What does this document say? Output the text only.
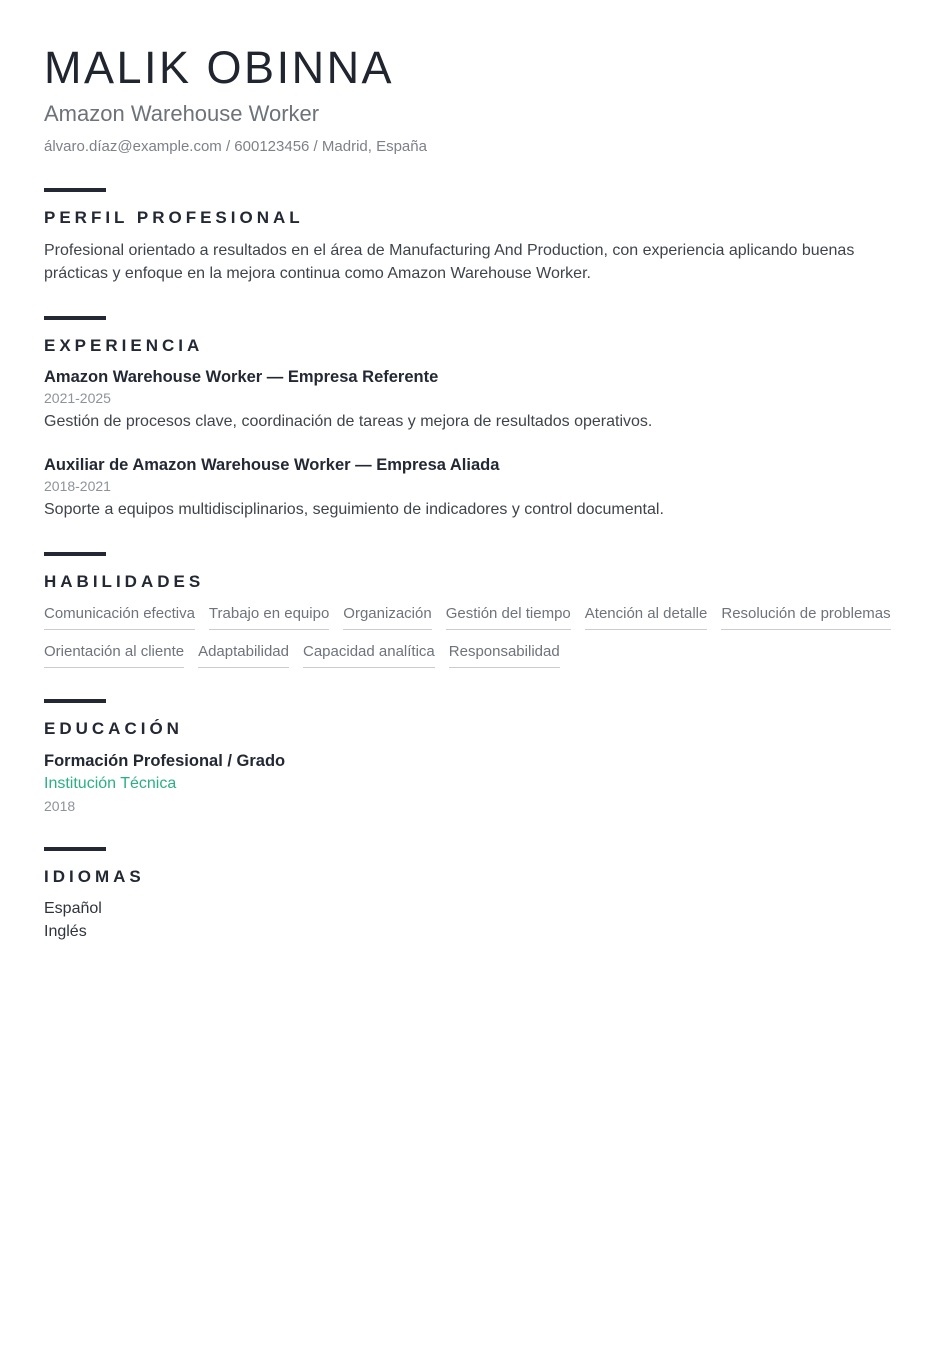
MALIK OBINNA
Amazon Warehouse Worker
álvaro.díaz@example.com / 600123456 / Madrid, España
PERFIL PROFESIONAL

Profesional orientado a resultados en el área de Manufacturing And Production, con experiencia aplicando buenas prácticas y enfoque en la mejora continua como Amazon Warehouse Worker.

EXPERIENCIA
Amazon Warehouse Worker — Empresa Referente
2021-2025
Gestión de procesos clave, coordinación de tareas y mejora de resultados operativos.
Auxiliar de Amazon Warehouse Worker — Empresa Aliada
2018-2021
Soporte a equipos multidisciplinarios, seguimiento de indicadores y control documental.
HABILIDADES
Comunicación efectiva Trabajo en equipo Organización Gestión del tiempo Atención al detalle Resolución de problemas
Orientación al cliente Adaptabilidad Capacidad analítica Responsabilidad
EDUCACIÓN
Formación Profesional / Grado
Institución Técnica
2018
IDIOMAS
Español
Inglés
